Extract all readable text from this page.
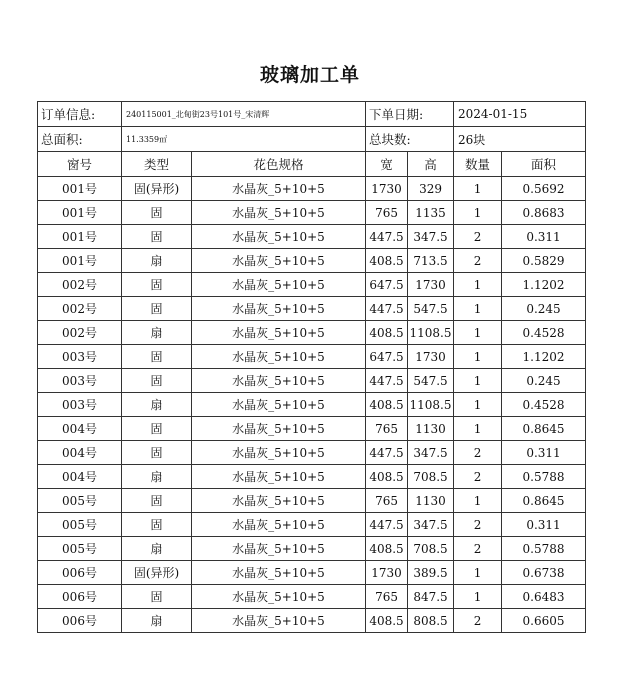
玻璃加工单
订单信息:	240115001_北甸街23号101号_宋清辉		下单日期:		2024-01-15	
总面积:	11.3359㎡		总块数:		26块	
窗号	类型	花色规格	宽	高	数量	面积
001号	固(异形)	水晶灰_5+10+5	1730	329	1	0.5692
001号	固	水晶灰_5+10+5	765	1135	1	0.8683
001号	固	水晶灰_5+10+5	447.5	347.5	2	0.311
001号	扇	水晶灰_5+10+5	408.5	713.5	2	0.5829
002号	固	水晶灰_5+10+5	647.5	1730	1	1.1202
002号	固	水晶灰_5+10+5	447.5	547.5	1	0.245
002号	扇	水晶灰_5+10+5	408.5	1108.5	1	0.4528
003号	固	水晶灰_5+10+5	647.5	1730	1	1.1202
003号	固	水晶灰_5+10+5	447.5	547.5	1	0.245
003号	扇	水晶灰_5+10+5	408.5	1108.5	1	0.4528
004号	固	水晶灰_5+10+5	765	1130	1	0.8645
004号	固	水晶灰_5+10+5	447.5	347.5	2	0.311
004号	扇	水晶灰_5+10+5	408.5	708.5	2	0.5788
005号	固	水晶灰_5+10+5	765	1130	1	0.8645
005号	固	水晶灰_5+10+5	447.5	347.5	2	0.311
005号	扇	水晶灰_5+10+5	408.5	708.5	2	0.5788
006号	固(异形)	水晶灰_5+10+5	1730	389.5	1	0.6738
006号	固	水晶灰_5+10+5	765	847.5	1	0.6483
006号	扇	水晶灰_5+10+5	408.5	808.5	2	0.6605
